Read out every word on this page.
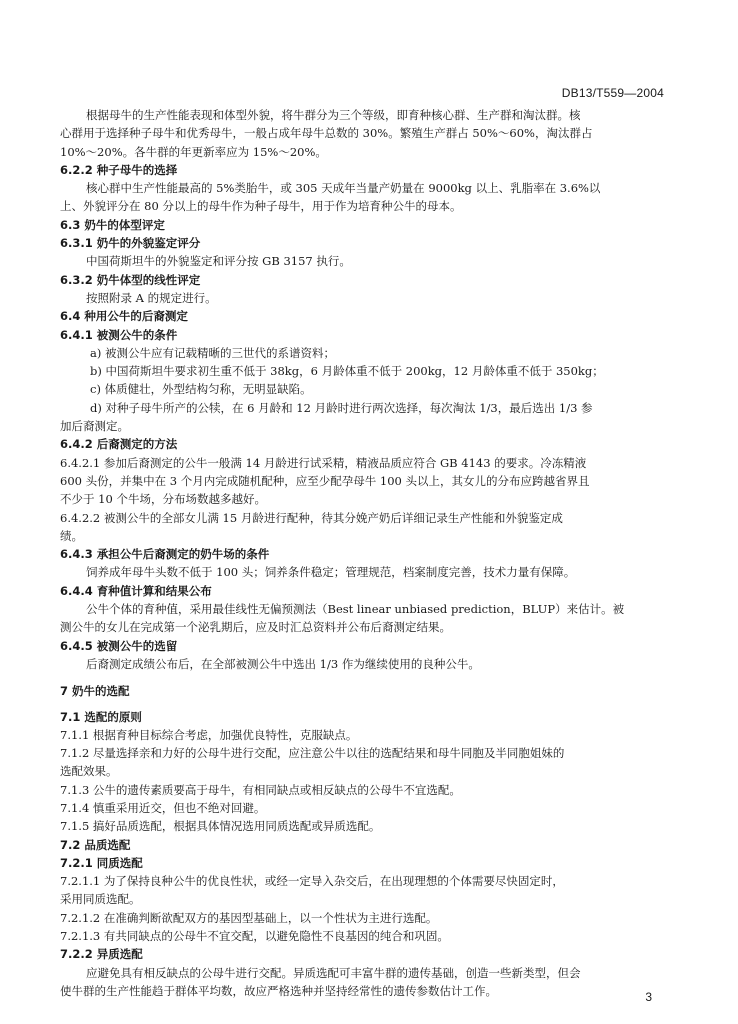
DB13/T559—2004
根据母牛的生产性能表现和体型外貌，将牛群分为三个等级，即育种核心群、生产群和淘汰群。核
心群用于选择种子母牛和优秀母牛，一般占成年母牛总数的 30%。繁殖生产群占 50%～60%，淘汰群占
10%～20%。各牛群的年更新率应为 15%～20%。
6.2.2 种子母牛的选择
核心群中生产性能最高的 5%类胎牛，或 305 天成年当量产奶量在 9000kg 以上、乳脂率在 3.6%以
上、外貌评分在 80 分以上的母牛作为种子母牛，用于作为培育种公牛的母本。
6.3 奶牛的体型评定
6.3.1 奶牛的外貌鉴定评分
中国荷斯坦牛的外貌鉴定和评分按 GB 3157 执行。
6.3.2 奶牛体型的线性评定
按照附录 A 的规定进行。
6.4 种用公牛的后裔测定
6.4.1 被测公牛的条件
a) 被测公牛应有记载精晰的三世代的系谱资料；
b) 中国荷斯坦牛要求初生重不低于 38kg，6 月龄体重不低于 200kg，12 月龄体重不低于 350kg；
c) 体质健壮，外型结构匀称，无明显缺陷。
d) 对种子母牛所产的公犊，在 6 月龄和 12 月龄时进行两次选择，每次淘汰 1/3，最后选出 1/3 参
加后裔测定。
6.4.2 后裔测定的方法
6.4.2.1 参加后裔测定的公牛一般满 14 月龄进行试采精，精液品质应符合 GB 4143 的要求。冷冻精液
600 头份，并集中在 3 个月内完成随机配种，应至少配孕母牛 100 头以上，其女儿的分布应跨越省界且
不少于 10 个牛场，分布场数越多越好。
6.4.2.2 被测公牛的全部女儿满 15 月龄进行配种，待其分娩产奶后详细记录生产性能和外貌鉴定成
绩。
6.4.3 承担公牛后裔测定的奶牛场的条件
饲养成年母牛头数不低于 100 头；饲养条件稳定；管理规范，档案制度完善，技术力量有保障。
6.4.4 育种值计算和结果公布
公牛个体的育种值，采用最佳线性无偏预测法（Best linear unbiased prediction，BLUP）来估计。被
测公牛的女儿在完成第一个泌乳期后，应及时汇总资料并公布后裔测定结果。
6.4.5 被测公牛的选留
后裔测定成绩公布后，在全部被测公牛中选出 1/3 作为继续使用的良种公牛。
7 奶牛的选配
7.1 选配的原则
7.1.1 根据育种目标综合考虑，加强优良特性，克服缺点。
7.1.2 尽量选择亲和力好的公母牛进行交配，应注意公牛以往的选配结果和母牛同胞及半同胞姐妹的
选配效果。
7.1.3 公牛的遗传素质要高于母牛，有相同缺点或相反缺点的公母牛不宜选配。
7.1.4 慎重采用近交，但也不绝对回避。
7.1.5 搞好品质选配，根据具体情况选用同质选配或异质选配。
7.2 品质选配
7.2.1 同质选配
7.2.1.1 为了保持良种公牛的优良性状，或经一定导入杂交后，在出现理想的个体需要尽快固定时，
采用同质选配。
7.2.1.2 在准确判断欲配双方的基因型基础上，以一个性状为主进行选配。
7.2.1.3 有共同缺点的公母牛不宜交配，以避免隐性不良基因的纯合和巩固。
7.2.2 异质选配
应避免具有相反缺点的公母牛进行交配。异质选配可丰富牛群的遗传基础，创造一些新类型，但会
使牛群的生产性能趋于群体平均数，故应严格选种并坚持经常性的遗传参数估计工作。	3
